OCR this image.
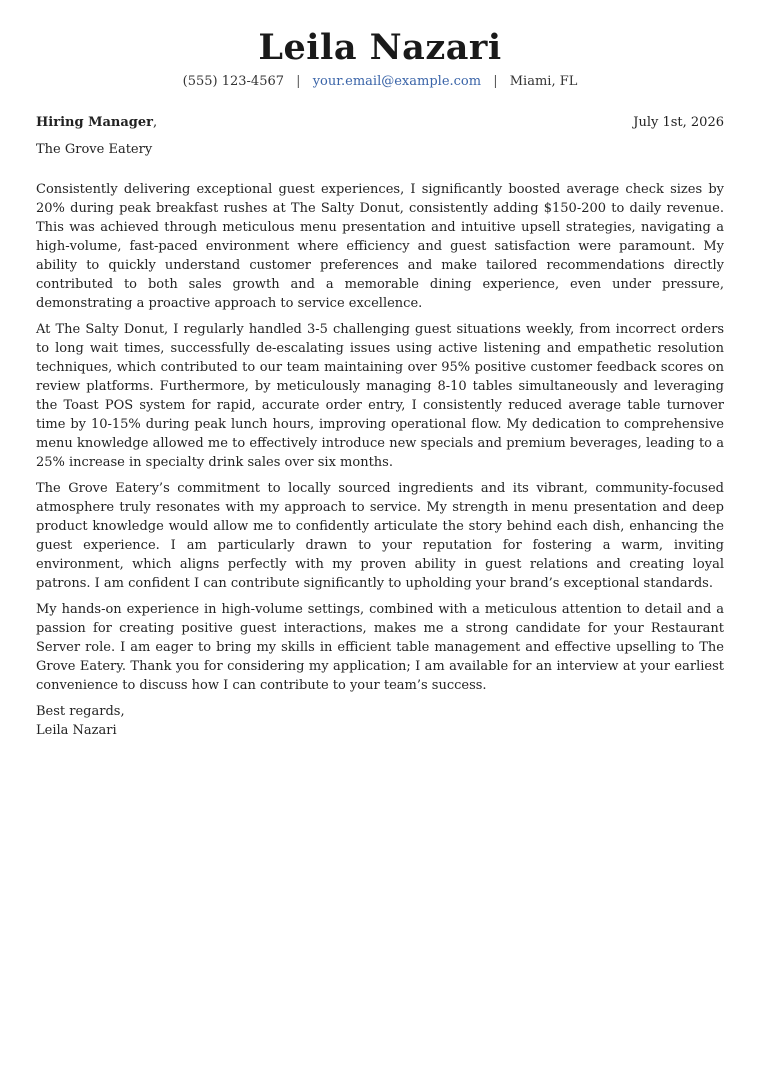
Leila Nazari
(555) 123-4567 | your.email@example.com | Miami, FL
Hiring Manager,	July 1st, 2026
The Grove Eatery

Consistently delivering exceptional guest experiences, I significantly boosted average check sizes by 20% during peak breakfast rushes at The Salty Donut, consistently adding $150-200 to daily revenue. This was achieved through meticulous menu presentation and intuitive upsell strategies, navigating a high-volume, fast-paced environment where efficiency and guest satisfaction were paramount. My ability to quickly understand customer preferences and make tailored recommendations directly contributed to both sales growth and a memorable dining experience, even under pressure, demonstrating a proactive approach to service excellence.

At The Salty Donut, I regularly handled 3-5 challenging guest situations weekly, from incorrect orders to long wait times, successfully de-escalating issues using active listening and empathetic resolution techniques, which contributed to our team maintaining over 95% positive customer feedback scores on review platforms. Furthermore, by meticulously managing 8-10 tables simultaneously and leveraging the Toast POS system for rapid, accurate order entry, I consistently reduced average table turnover time by 10-15% during peak lunch hours, improving operational flow. My dedication to comprehensive menu knowledge allowed me to effectively introduce new specials and premium beverages, leading to a 25% increase in specialty drink sales over six months.

The Grove Eatery’s commitment to locally sourced ingredients and its vibrant, community-focused atmosphere truly resonates with my approach to service. My strength in menu presentation and deep product knowledge would allow me to confidently articulate the story behind each dish, enhancing the guest experience. I am particularly drawn to your reputation for fostering a warm, inviting environment, which aligns perfectly with my proven ability in guest relations and creating loyal patrons. I am confident I can contribute significantly to upholding your brand’s exceptional standards.

My hands-on experience in high-volume settings, combined with a meticulous attention to detail and a passion for creating positive guest interactions, makes me a strong candidate for your Restaurant Server role. I am eager to bring my skills in efficient table management and effective upselling to The Grove Eatery. Thank you for considering my application; I am available for an interview at your earliest convenience to discuss how I can contribute to your team’s success.

Best regards,
Leila Nazari
